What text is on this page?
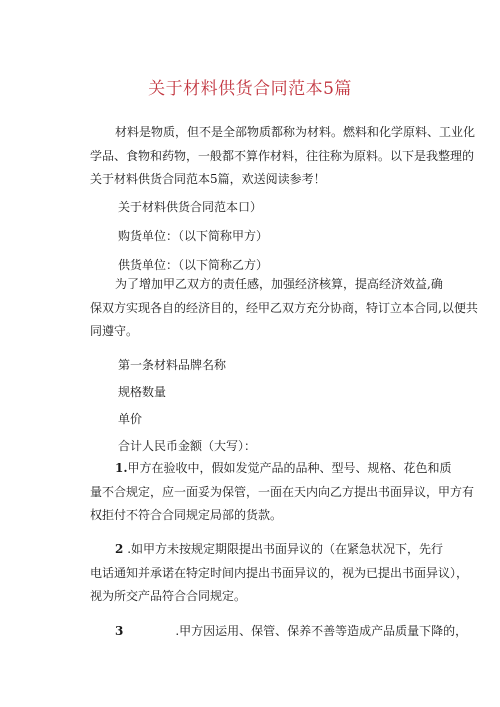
关于材料供货合同范本5篇
材料是物质，但不是全部物质都称为材料。燃料和化学原料、工业化
学品、食物和药物，一般都不算作材料，往往称为原料。以下是我整理的
关于材料供货合同范本5篇，欢送阅读参考！
关于材料供货合同范本口）
购货单位：（以下简称甲方）
供货单位：（以下简称乙方）
为了增加甲乙双方的责任感，加强经济核算，提高经济效益,确
保双方实现各自的经济目的，经甲乙双方充分协商，特订立本合同,以便共
同遵守。
第一条材料品牌名称
规格数量
单价
合计人民币金额（大写）：
1.甲方在验收中，假如发觉产品的品种、型号、规格、花色和质
量不合规定，应一面妥为保管，一面在天内向乙方提出书面异议，甲方有
权拒付不符合合同规定局部的货款。
2 .如甲方未按规定期限提出书面异议的（在紧急状况下，先行
电话通知并承诺在特定时间内提出书面异议的，视为已提出书面异议），
视为所交产品符合合同规定。
3	.甲方因运用、保管、保养不善等造成产品质量下降的，
